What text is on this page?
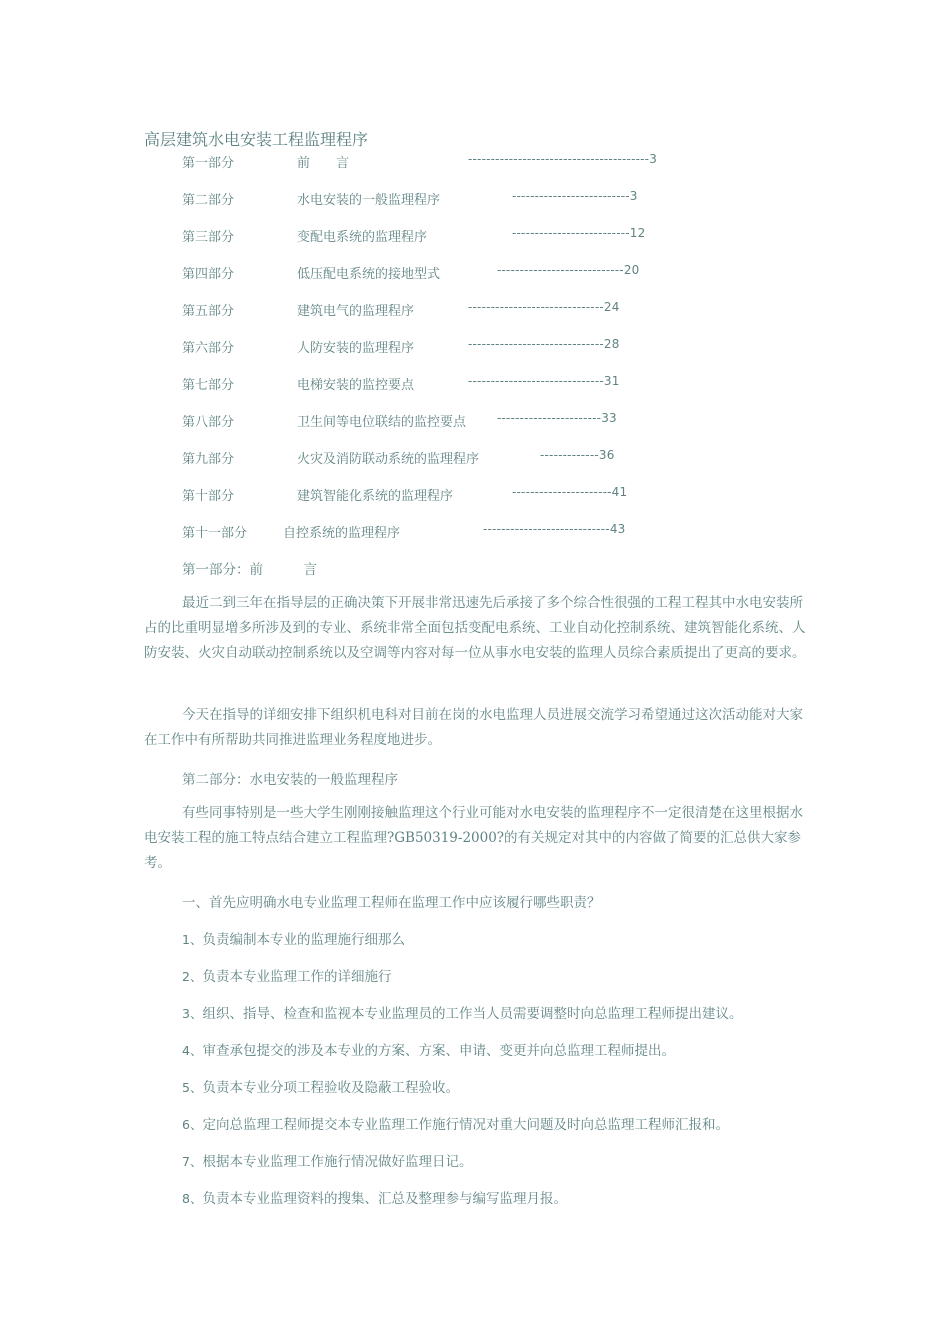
高层建筑水电安装工程监理程序
第一部分	前　　言	----------------------------------------3
第二部分	水电安装的一般监理程序	--------------------------3
第三部分	变配电系统的监理程序	--------------------------12
第四部分	低压配电系统的接地型式	----------------------------20
第五部分	建筑电气的监理程序	------------------------------24
第六部分	人防安装的监理程序	------------------------------28
第七部分	电梯安装的监控要点	------------------------------31
第八部分	卫生间等电位联结的监控要点	-----------------------33
第九部分	火灾及消防联动系统的监理程序	-------------36
第十部分	建筑智能化系统的监理程序	----------------------41
第十一部分	自控系统的监理程序	----------------------------43

第一部分：前　　　言

最近二到三年在指导层的正确决策下开展非常迅速先后承接了多个综合性很强的工程工程其中水电安装所占的比重明显增多所涉及到的专业、系统非常全面包括变配电系统、工业自动化控制系统、建筑智能化系统、人防安装、火灾自动联动控制系统以及空调等内容对每一位从事水电安装的监理人员综合素质提出了更高的要求。

今天在指导的详细安排下组织机电科对目前在岗的水电监理人员进展交流学习希望通过这次活动能对大家在工作中有所帮助共同推进监理业务程度地进步。

第二部分：水电安装的一般监理程序

有些同事特别是一些大学生刚刚接触监理这个行业可能对水电安装的监理程序不一定很清楚在这里根据水电安装工程的施工特点结合建立工程监理?GB50319-2000?的有关规定对其中的内容做了简要的汇总供大家参考。

一、首先应明确水电专业监理工程师在监理工作中应该履行哪些职责？

1、负责编制本专业的监理施行细那么

2、负责本专业监理工作的详细施行

3、组织、指导、检查和监视本专业监理员的工作当人员需要调整时向总监理工程师提出建议。

4、审查承包提交的涉及本专业的方案、方案、申请、变更并向总监理工程师提出。

5、负责本专业分项工程验收及隐蔽工程验收。

6、定向总监理工程师提交本专业监理工作施行情况对重大问题及时向总监理工程师汇报和。

7、根据本专业监理工作施行情况做好监理日记。

8、负责本专业监理资料的搜集、汇总及整理参与编写监理月报。
